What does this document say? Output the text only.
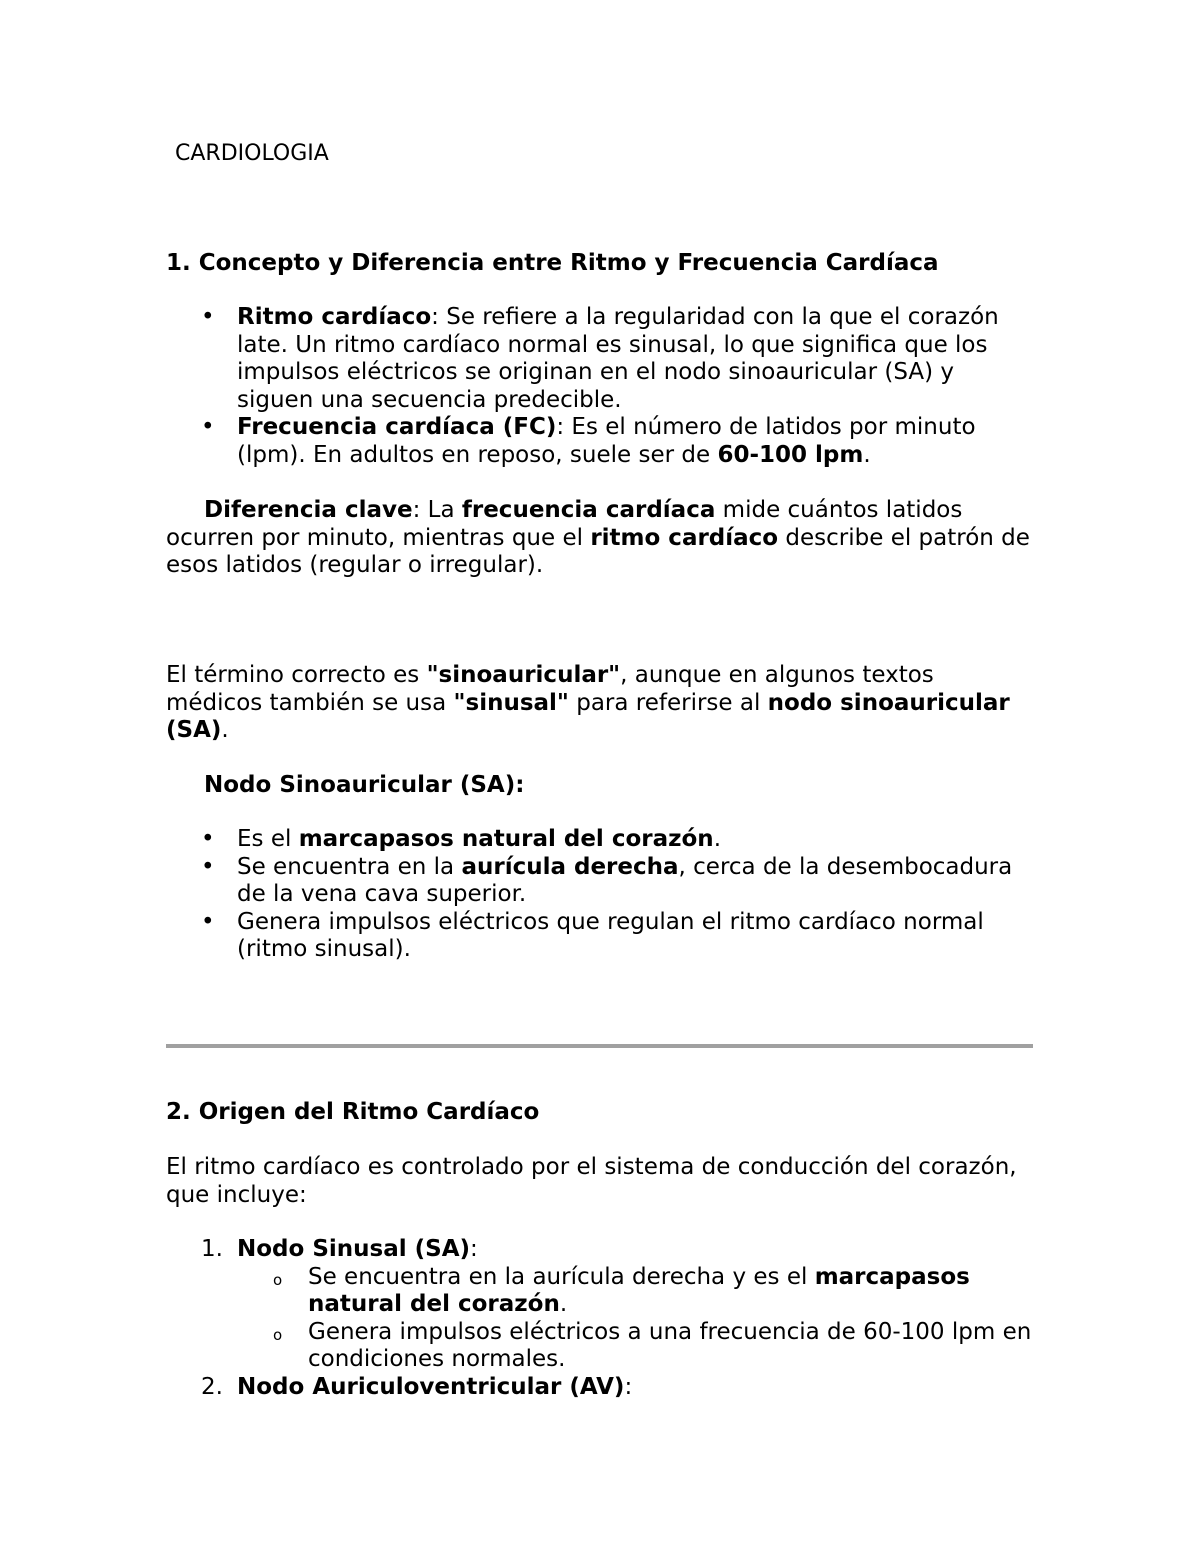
CARDIOLOGIA

1. Concepto y Diferencia entre Ritmo y Frecuencia Cardíaca

• Ritmo cardíaco: Se refiere a la regularidad con la que el corazón late. Un ritmo cardíaco normal es sinusal, lo que significa que los impulsos eléctricos se originan en el nodo sinoauricular (SA) y siguen una secuencia predecible.
• Frecuencia cardíaca (FC): Es el número de latidos por minuto (lpm). En adultos en reposo, suele ser de 60-100 lpm.

Diferencia clave: La frecuencia cardíaca mide cuántos latidos ocurren por minuto, mientras que el ritmo cardíaco describe el patrón de esos latidos (regular o irregular).

El término correcto es "sinoauricular", aunque en algunos textos médicos también se usa "sinusal" para referirse al nodo sinoauricular (SA).

Nodo Sinoauricular (SA):

• Es el marcapasos natural del corazón.
• Se encuentra en la aurícula derecha, cerca de la desembocadura de la vena cava superior.
• Genera impulsos eléctricos que regulan el ritmo cardíaco normal (ritmo sinusal).

2. Origen del Ritmo Cardíaco

El ritmo cardíaco es controlado por el sistema de conducción del corazón, que incluye:

1. Nodo Sinusal (SA):
o Se encuentra en la aurícula derecha y es el marcapasos natural del corazón.
o Genera impulsos eléctricos a una frecuencia de 60-100 lpm en condiciones normales.
2. Nodo Auriculoventricular (AV):
